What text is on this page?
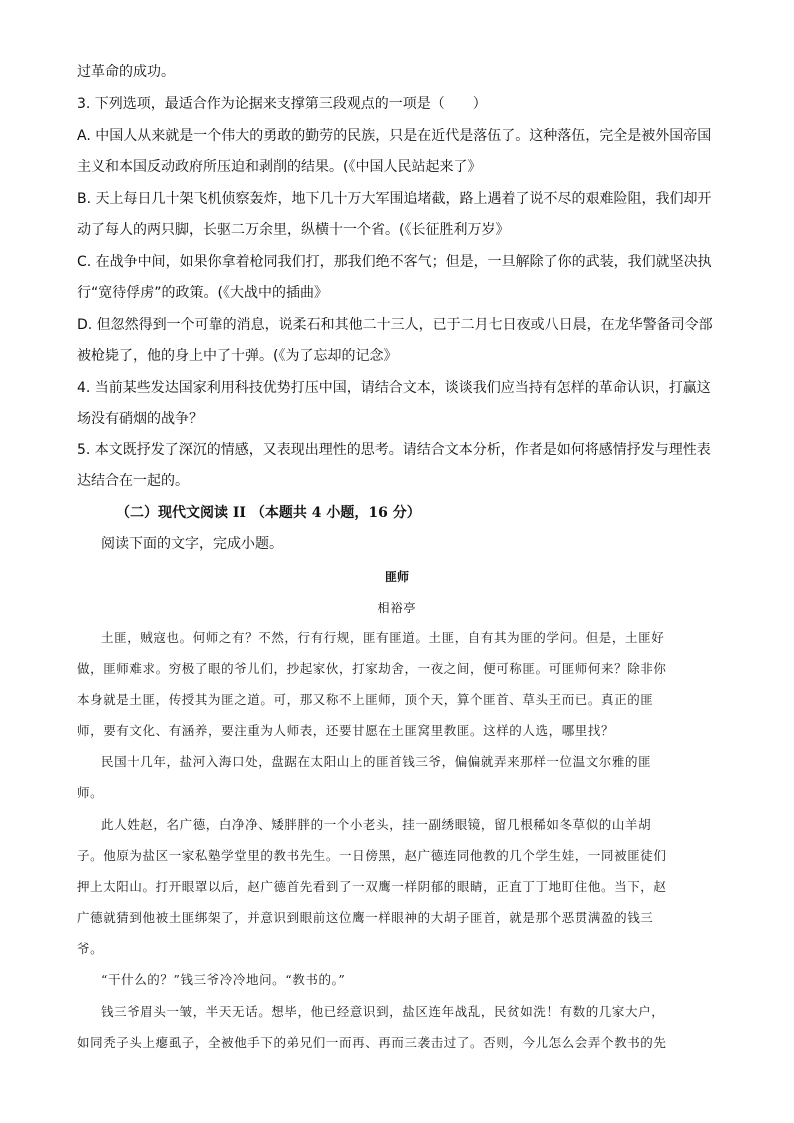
过革命的成功。

3. 下列选项，最适合作为论据来支撑第三段观点的一项是（　　）

A. 中国人从来就是一个伟大的勇敢的勤劳的民族，只是在近代是落伍了。这种落伍，完全是被外国帝国

主义和本国反动政府所压迫和剥削的结果。(《中国人民站起来了》

B. 天上每日几十架飞机侦察轰炸，地下几十万大军围追堵截，路上遇着了说不尽的艰难险阻，我们却开

动了每人的两只脚，长驱二万余里，纵横十一个省。(《长征胜利万岁》

C. 在战争中间，如果你拿着枪同我们打，那我们绝不客气；但是，一旦解除了你的武装，我们就坚决执

行“宽待俘虏”的政策。(《大战中的插曲》

D. 但忽然得到一个可靠的消息，说柔石和其他二十三人，已于二月七日夜或八日晨，在龙华警备司令部

被枪毙了，他的身上中了十弹。(《为了忘却的记念》

4. 当前某些发达国家利用科技优势打压中国，请结合文本，谈谈我们应当持有怎样的革命认识，打赢这

场没有硝烟的战争？

5. 本文既抒发了深沉的情感，又表现出理性的思考。请结合文本分析，作者是如何将感情抒发与理性表

达结合在一起的。

（二）现代文阅读 II （本题共 4 小题，16 分）

阅读下面的文字，完成小题。

匪师

相裕亭

土匪，贼寇也。何师之有？不然，行有行规，匪有匪道。土匪，自有其为匪的学问。但是，土匪好

做，匪师难求。穷极了眼的爷儿们，抄起家伙，打家劫舍，一夜之间，便可称匪。可匪师何来？除非你

本身就是土匪，传授其为匪之道。可，那又称不上匪师，顶个天，算个匪首、草头王而已。真正的匪

师，要有文化、有涵养，要注重为人师表，还要甘愿在土匪窝里教匪。这样的人选，哪里找？

民国十几年，盐河入海口处，盘踞在太阳山上的匪首钱三爷，偏偏就弄来那样一位温文尔雅的匪

师。

此人姓赵，名广德，白净净、矮胖胖的一个小老头，挂一副绣眼镜，留几根稀如冬草似的山羊胡

子。他原为盐区一家私塾学堂里的教书先生。一日傍黑，赵广德连同他教的几个学生娃，一同被匪徒们

押上太阳山。打开眼罩以后，赵广德首先看到了一双鹰一样阴郁的眼睛，正直丁丁地盯住他。当下，赵

广德就猜到他被土匪绑架了，并意识到眼前这位鹰一样眼神的大胡子匪首，就是那个恶贯满盈的钱三

爷。

“干什么的？”钱三爷冷冷地问。“教书的。”

钱三爷眉头一皱，半天无话。想毕，他已经意识到，盐区连年战乱，民贫如洗！有数的几家大户，

如同秃子头上瘪虱子，全被他手下的弟兄们一而再、再而三袭击过了。否则，今儿怎么会弄个教书的先
